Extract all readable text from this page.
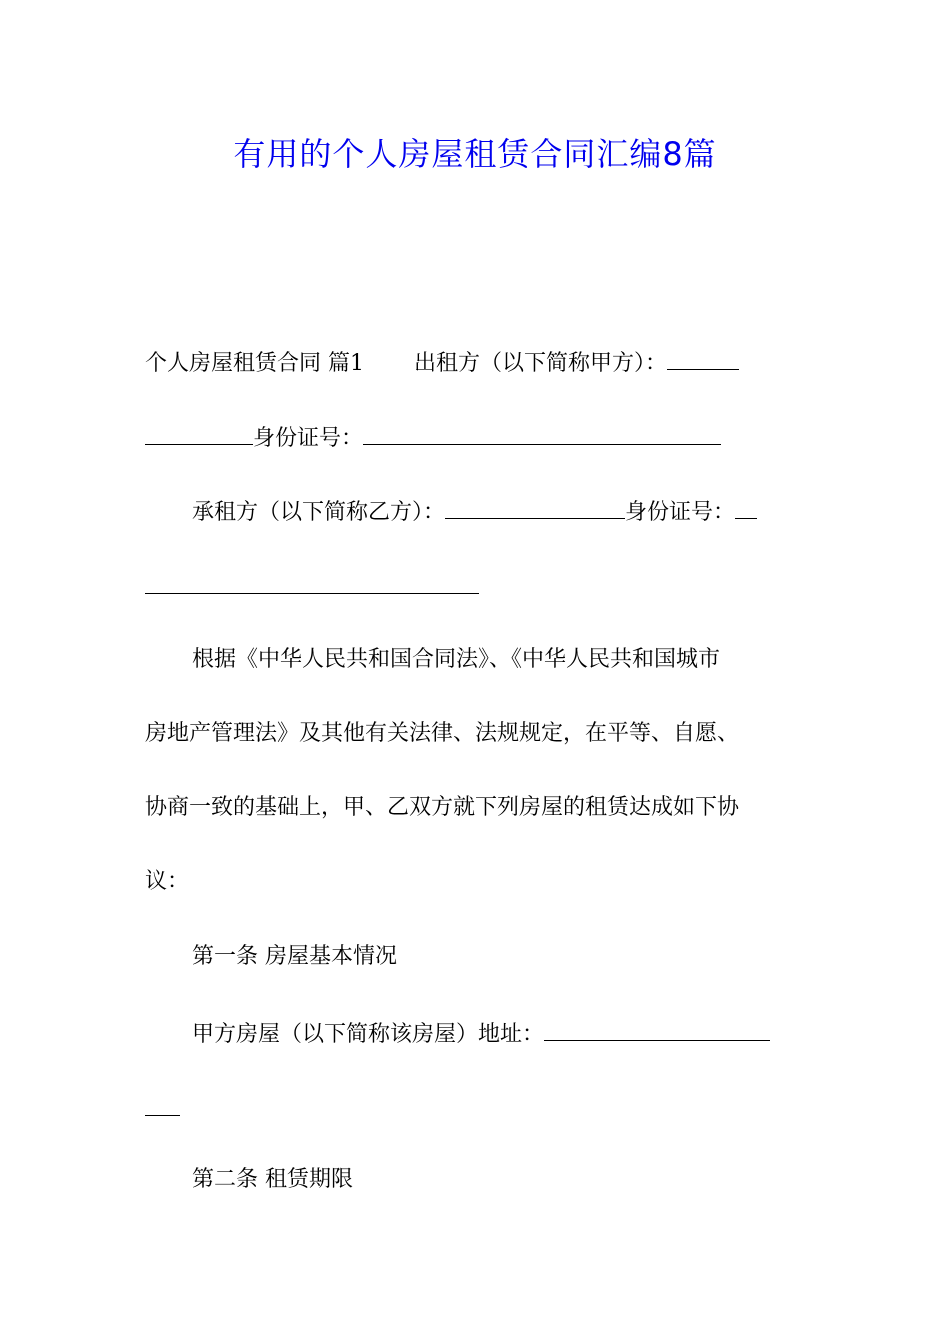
有用的个人房屋租赁合同汇编8篇
个人房屋租赁合同 篇1 出租方（以下简称甲方）：
身份证号：
承租方（以下简称乙方）：	身份证号：
根据《中华人民共和国合同法》、《中华人民共和国城市
房地产管理法》及其他有关法律、法规规定，在平等、自愿、
协商一致的基础上，甲、乙双方就下列房屋的租赁达成如下协
议：
第一条 房屋基本情况
甲方房屋（以下简称该房屋）地址：
第二条 租赁期限
